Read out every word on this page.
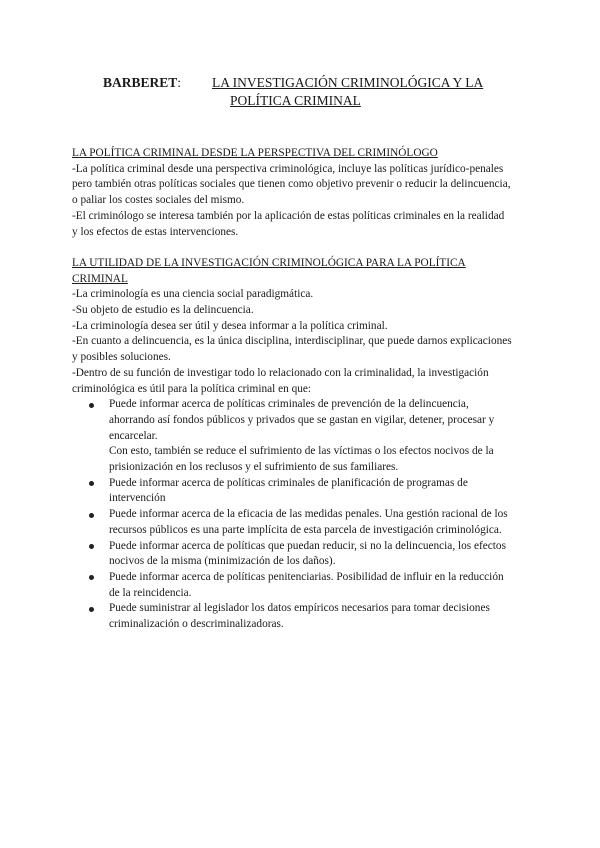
BARBERET: LA INVESTIGACIÓN CRIMINOLÓGICA Y LA
POLÍTICA CRIMINAL
LA POLÍTICA CRIMINAL DESDE LA PERSPECTIVA DEL CRIMINÓLOGO

-La política criminal desde una perspectiva criminológica, incluye las políticas jurídico-penales pero también otras políticas sociales que tienen como objetivo prevenir o reducir la delincuencia, o paliar los costes sociales del mismo.

-El criminólogo se interesa también por la aplicación de estas políticas criminales en la realidad y los efectos de estas intervenciones.

LA UTILIDAD DE LA INVESTIGACIÓN CRIMINOLÓGICA PARA LA POLÍTICA CRIMINAL

-La criminología es una ciencia social paradigmática.

-Su objeto de estudio es la delincuencia.

-La criminología desea ser útil y desea informar a la política criminal.

-En cuanto a delincuencia, es la única disciplina, interdisciplinar, que puede darnos explicaciones y posibles soluciones.

-Dentro de su función de investigar todo lo relacionado con la criminalidad, la investigación criminológica es útil para la política criminal en que:

Puede informar acerca de políticas criminales de prevención de la delincuencia, ahorrando así fondos públicos y privados que se gastan en vigilar, detener, procesar y encarcelar.
Con esto, también se reduce el sufrimiento de las víctimas o los efectos nocivos de la prisionización en los reclusos y el sufrimiento de sus familiares.
Puede informar acerca de políticas criminales de planificación de programas de intervención
Puede informar acerca de la eficacia de las medidas penales. Una gestión racional de los recursos públicos es una parte implícita de esta parcela de investigación criminológica.
Puede informar acerca de políticas que puedan reducir, si no la delincuencia, los efectos nocivos de la misma (minimización de los daños).
Puede informar acerca de políticas penitenciarias. Posibilidad de influir en la reducción de la reincidencia.
Puede suministrar al legislador los datos empíricos necesarios para tomar decisiones criminalización o descriminalizadoras.
